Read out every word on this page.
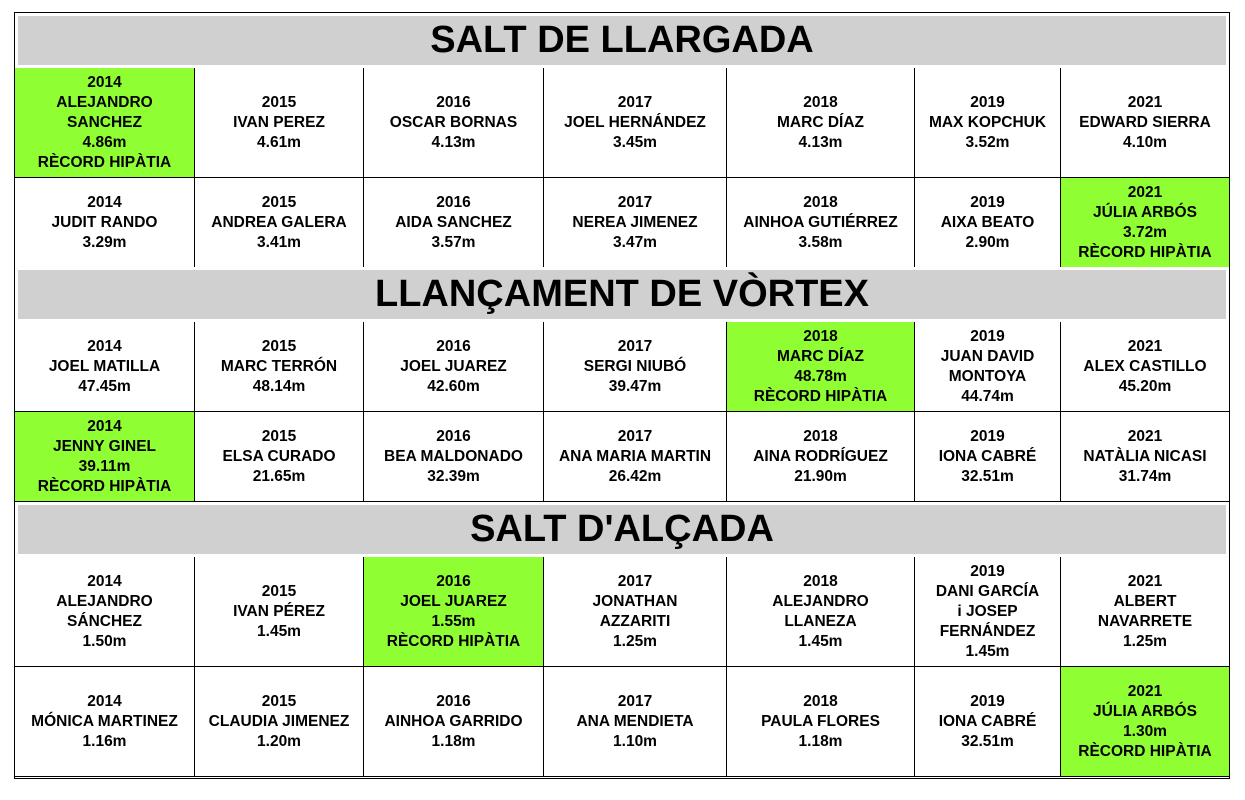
SALT DE LLARGADA
2014
ALEJANDRO
SANCHEZ
4.86m
RÈCORD HIPÀTIA
2015
IVAN PEREZ
4.61m
2016
OSCAR BORNAS
4.13m
2017
JOEL HERNÁNDEZ
3.45m
2018
MARC DÍAZ
4.13m
2019
MAX KOPCHUK
3.52m
2021
EDWARD SIERRA
4.10m
2014
JUDIT RANDO
3.29m
2015
ANDREA GALERA
3.41m
2016
AIDA SANCHEZ
3.57m
2017
NEREA JIMENEZ
3.47m
2018
AINHOA GUTIÉRREZ
3.58m
2019
AIXA BEATO
2.90m
2021
JÚLIA ARBÓS
3.72m
RÈCORD HIPÀTIA
LLANÇAMENT DE VÒRTEX
2014
JOEL MATILLA
47.45m
2015
MARC TERRÓN
48.14m
2016
JOEL JUAREZ
42.60m
2017
SERGI NIUBÓ
39.47m
2018
MARC DÍAZ
48.78m
RÈCORD HIPÀTIA
2019
JUAN DAVID
MONTOYA
44.74m
2021
ALEX CASTILLO
45.20m
2014
JENNY GINEL
39.11m
RÈCORD HIPÀTIA
2015
ELSA CURADO
21.65m
2016
BEA MALDONADO
32.39m
2017
ANA MARIA MARTIN
26.42m
2018
AINA RODRÍGUEZ
21.90m
2019
IONA CABRÉ
32.51m
2021
NATÀLIA NICASI
31.74m
SALT D'ALÇADA
2014
ALEJANDRO
SÁNCHEZ
1.50m
2015
IVAN PÉREZ
1.45m
2016
JOEL JUAREZ
1.55m
RÈCORD HIPÀTIA
2017
JONATHAN
AZZARITI
1.25m
2018
ALEJANDRO
LLANEZA
1.45m
2019
DANI GARCÍA
i JOSEP
FERNÁNDEZ
1.45m
2021
ALBERT
NAVARRETE
1.25m
2014
MÓNICA MARTINEZ
1.16m
2015
CLAUDIA JIMENEZ
1.20m
2016
AINHOA GARRIDO
1.18m
2017
ANA MENDIETA
1.10m
2018
PAULA FLORES
1.18m
2019
IONA CABRÉ
32.51m
2021
JÚLIA ARBÓS
1.30m
RÈCORD HIPÀTIA
